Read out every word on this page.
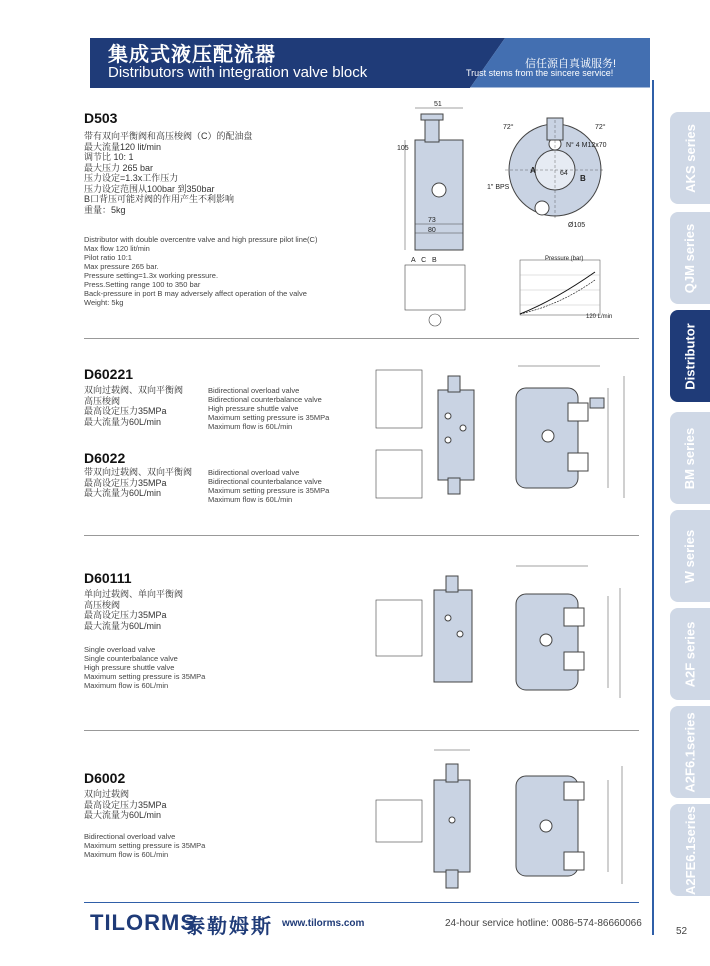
集成式液压配流器
Distributors with integration valve block	信任源自真诚服务!
Trust stems from the sincere service!
AKS series
QJM series
Distributor
BM series
W series
A2F series
A2F6.1series
A2FE6.1series
D503
带有双向平衡阀和高压梭阀（C）的配油盘
最大流量120 lit/min
调节比 10: 1
最大压力 265 bar
压力设定=1.3x工作压力
压力设定范围从100bar 到350bar
B口背压可能对阀的作用产生不利影响
重量：5kg
Distributor with double overcentre valve and high pressure pilot line(C)
Max flow 120 lit/min
Pilot ratio 10:1
Max pressure 265 bar.
Pressure setting=1.3x working pressure.
Press.Setting range 100 to 350 bar
Back-pressure in port B may adversely affect operation of the valve
Weight: 5kg
51
105
73
80
72°	72°
N° 4 M12x70
A
B
1" BPS
64
Ø105
A   C   B	Pressure (bar)
120 L/min
D60221
双向过载阀、双向平衡阀
高压梭阀
最高设定压力35MPa
最大流量为60L/min
Bidirectional overload valve
Bidirectional counterbalance valve
High pressure shuttle valve
Maximum setting pressure is 35MPa
Maximum flow is 60L/min
D6022
带双向过载阀、双向平衡阀
最高设定压力35MPa
最大流量为60L/min
Bidirectional overload valve
Bidirectional counterbalance valve
Maximum setting pressure is 35MPa
Maximum flow is 60L/min
D60111
单向过载阀、单向平衡阀
高压梭阀
最高设定压力35MPa
最大流量为60L/min
Single overload valve
Single counterbalance valve
High pressure shuttle valve
Maximum setting pressure is 35MPa
Maximum flow is 60L/min
D6002
双向过载阀
最高设定压力35MPa
最大流量为60L/min
Bidirectional overload valve
Maximum setting pressure is 35MPa
Maximum flow is 60L/min
TILORMS
泰勒姆斯 www.tilorms.com	24-hour service hotline: 0086-574-86660066
52
